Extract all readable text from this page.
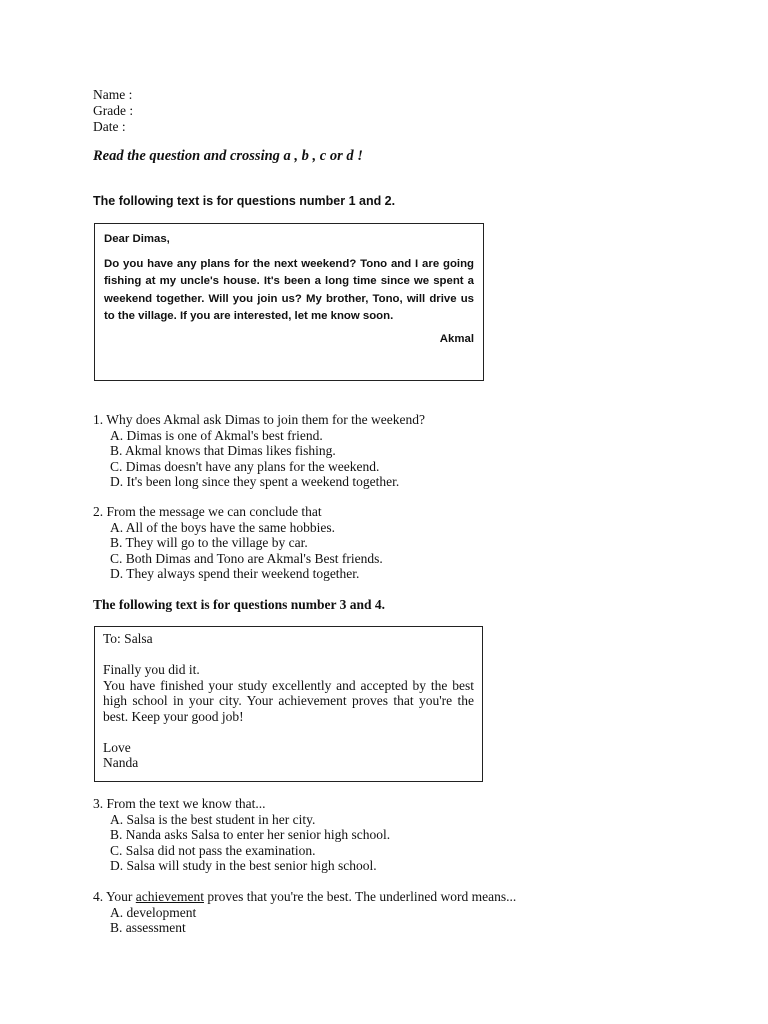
Name :
Grade :
Date :
Read the question and crossing a , b , c or d !
The following text is for questions number 1 and 2.

Dear Dimas,

Do you have any plans for the next weekend? Tono and I are going fishing at my uncle's house. It's been a long time since we spent a weekend together. Will you join us? My brother, Tono, will drive us to the village. If you are interested, let me know soon.

Akmal

1. Why does Akmal ask Dimas to join them for the weekend?

A. Dimas is one of Akmal's best friend.
B. Akmal knows that Dimas likes fishing.
C. Dimas doesn't have any plans for the weekend.
D. It's been long since they spent a weekend together.

2. From the message we can conclude that

A. All of the boys have the same hobbies.
B. They will go to the village by car.
C. Both Dimas and Tono are Akmal's Best friends.
D. They always spend their weekend together.
The following text is for questions number 3 and 4.

To: Salsa

Finally you did it.

You have finished your study excellently and accepted by the best high school in your city. Your achievement proves that you're the best. Keep your good job!

Love

Nanda

3. From the text we know that...

A. Salsa is the best student in her city.
B. Nanda asks Salsa to enter her senior high school.
C. Salsa did not pass the examination.
D. Salsa will study in the best senior high school.

4. Your achievement proves that you're the best. The underlined word means...

A. development
B. assessment
